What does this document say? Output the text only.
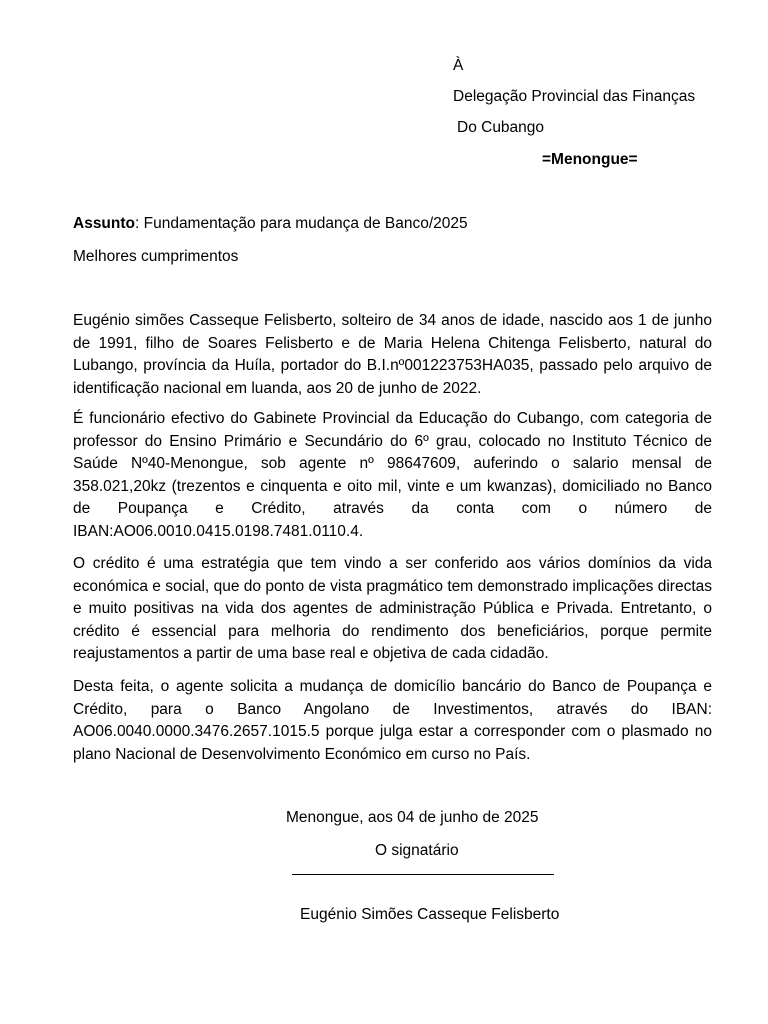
À
Delegação Provincial das Finanças
Do Cubango
=Menongue=
Assunto: Fundamentação para mudança de Banco/2025
Melhores cumprimentos
Eugénio simões Casseque Felisberto, solteiro de 34 anos de idade, nascido aos 1 de junho de 1991, filho de Soares Felisberto e de Maria Helena Chitenga Felisberto, natural do Lubango, província da Huíla, portador do B.I.nº001223753HA035, passado pelo arquivo de identificação nacional em luanda, aos 20 de junho de 2022.
É funcionário efectivo do Gabinete Provincial da Educação do Cubango, com categoria de professor do Ensino Primário e Secundário do 6º grau, colocado no Instituto Técnico de Saúde Nº40-Menongue, sob agente nº 98647609, auferindo o salario mensal de 358.021,20kz (trezentos e cinquenta e oito mil, vinte e um kwanzas), domiciliado no Banco de Poupança e Crédito, através da conta com o número de IBAN:AO06.0010.0415.0198.7481.0110.4.
O crédito é uma estratégia que tem vindo a ser conferido aos vários domínios da vida económica e social, que do ponto de vista pragmático tem demonstrado implicações directas e muito positivas na vida dos agentes de administração Pública e Privada. Entretanto, o crédito é essencial para melhoria do rendimento dos beneficiários, porque permite reajustamentos a partir de uma base real e objetiva de cada cidadão.
Desta feita, o agente solicita a mudança de domicílio bancário do Banco de Poupança e Crédito, para o Banco Angolano de Investimentos, através do IBAN: AO06.0040.0000.3476.2657.1015.5 porque julga estar a corresponder com o plasmado no plano Nacional de Desenvolvimento Económico em curso no País.
Menongue, aos 04 de junho de 2025
O signatário
Eugénio Simões Casseque Felisberto
